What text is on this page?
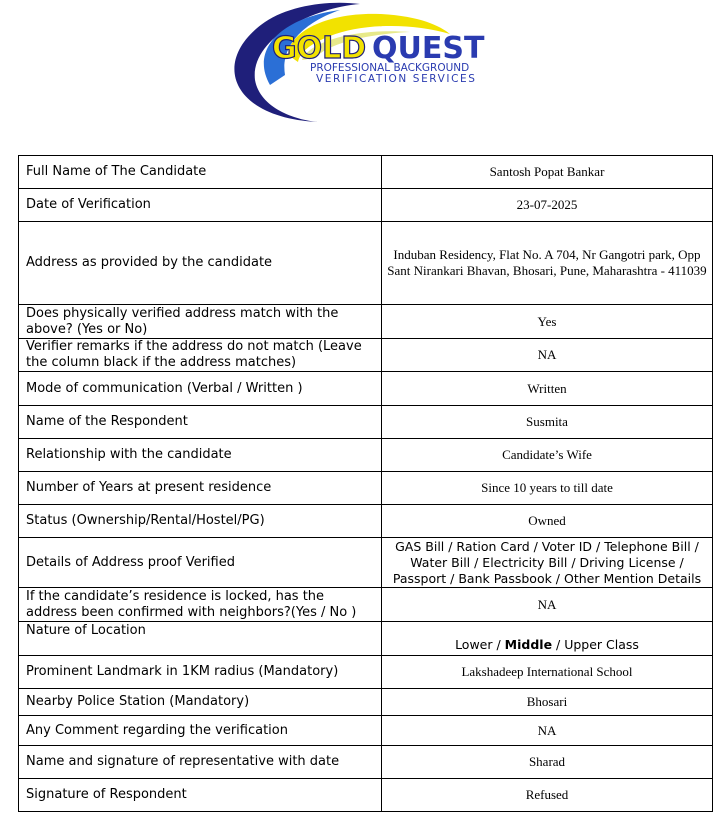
GOLD QUEST
PROFESSIONAL BACKGROUND
VERIFICATION SERVICES
Full Name of The Candidate	Santosh Popat Bankar
Date of Verification	23-07-2025
Address as provided by the candidate	Induban Residency, Flat No. A 704, Nr Gangotri park, Opp Sant Nirankari Bhavan, Bhosari, Pune, Maharashtra - 411039
Does physically verified address match with the above? (Yes or No)	Yes
Verifier remarks if the address do not match (Leave the column black if the address matches)	NA
Mode of communication (Verbal / Written )	Written
Name of the Respondent	Susmita
Relationship with the candidate	Candidate’s Wife
Number of Years at present residence	Since 10 years to till date
Status (Ownership/Rental/Hostel/PG)	Owned
Details of Address proof Verified	GAS Bill / Ration Card / Voter ID / Telephone Bill / Water Bill / Electricity Bill / Driving License / Passport / Bank Passbook / Other Mention Details
If the candidate’s residence is locked, has the address been confirmed with neighbors?(Yes / No )	NA
Nature of Location	Lower / Middle / Upper Class
Prominent Landmark in 1KM radius (Mandatory)	Lakshadeep International School
Nearby Police Station (Mandatory)	Bhosari
Any Comment regarding the verification	NA
Name and signature of representative with date	Sharad
Signature of Respondent	Refused
